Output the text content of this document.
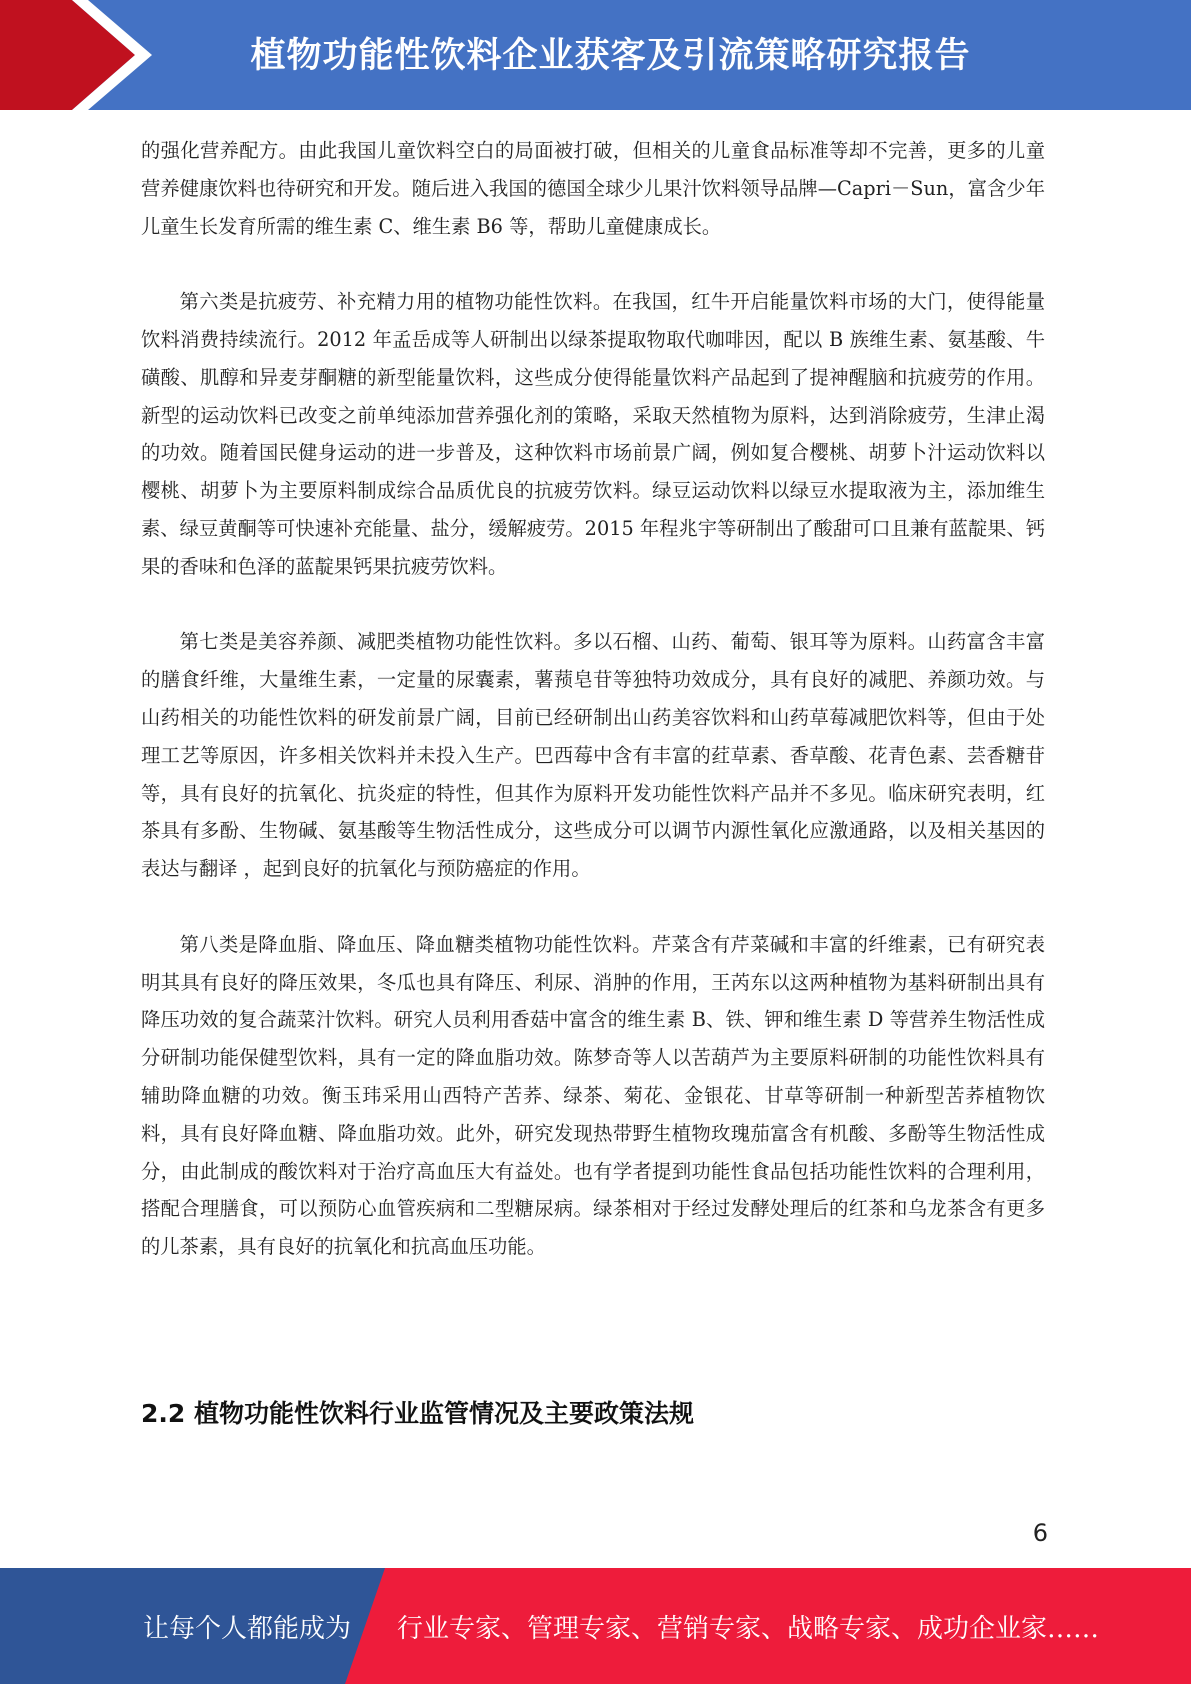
植物功能性饮料企业获客及引流策略研究报告

的强化营养配方。由此我国儿童饮料空白的局面被打破，但相关的儿童食品标准等却不完善，更多的儿童营养健康饮料也待研究和开发。随后进入我国的德国全球少儿果汁饮料领导品牌—Capri－Sun，富含少年儿童生长发育所需的维生素 C、维生素 B6 等，帮助儿童健康成长。

第六类是抗疲劳、补充精力用的植物功能性饮料。在我国，红牛开启能量饮料市场的大门，使得能量饮料消费持续流行。2012 年孟岳成等人研制出以绿茶提取物取代咖啡因，配以 B 族维生素、氨基酸、牛磺酸、肌醇和异麦芽酮糖的新型能量饮料，这些成分使得能量饮料产品起到了提神醒脑和抗疲劳的作用。新型的运动饮料已改变之前单纯添加营养强化剂的策略，采取天然植物为原料，达到消除疲劳，生津止渴的功效。随着国民健身运动的进一步普及，这种饮料市场前景广阔，例如复合樱桃、胡萝卜汁运动饮料以樱桃、胡萝卜为主要原料制成综合品质优良的抗疲劳饮料。绿豆运动饮料以绿豆水提取液为主，添加维生素、绿豆黄酮等可快速补充能量、盐分，缓解疲劳。2015 年程兆宇等研制出了酸甜可口且兼有蓝靛果、钙果的香味和色泽的蓝靛果钙果抗疲劳饮料。

第七类是美容养颜、减肥类植物功能性饮料。多以石榴、山药、葡萄、银耳等为原料。山药富含丰富的膳食纤维，大量维生素，一定量的尿囊素，薯蓣皂苷等独特功效成分，具有良好的减肥、养颜功效。与山药相关的功能性饮料的研发前景广阔，目前已经研制出山药美容饮料和山药草莓减肥饮料等，但由于处理工艺等原因，许多相关饮料并未投入生产。巴西莓中含有丰富的荭草素、香草酸、花青色素、芸香糖苷等，具有良好的抗氧化、抗炎症的特性，但其作为原料开发功能性饮料产品并不多见。临床研究表明，红茶具有多酚、生物碱、氨基酸等生物活性成分，这些成分可以调节内源性氧化应激通路，以及相关基因的表达与翻译 ，起到良好的抗氧化与预防癌症的作用。

第八类是降血脂、降血压、降血糖类植物功能性饮料。芹菜含有芹菜碱和丰富的纤维素，已有研究表明其具有良好的降压效果，冬瓜也具有降压、利尿、消肿的作用，王芮东以这两种植物为基料研制出具有降压功效的复合蔬菜汁饮料。研究人员利用香菇中富含的维生素 B、铁、钾和维生素 D 等营养生物活性成分研制功能保健型饮料，具有一定的降血脂功效。陈梦奇等人以苦葫芦为主要原料研制的功能性饮料具有辅助降血糖的功效。衡玉玮采用山西特产苦荞、绿茶、菊花、金银花、甘草等研制一种新型苦荞植物饮料，具有良好降血糖、降血脂功效。此外，研究发现热带野生植物玫瑰茄富含有机酸、多酚等生物活性成分，由此制成的酸饮料对于治疗高血压大有益处。也有学者提到功能性食品包括功能性饮料的合理利用，搭配合理膳食，可以预防心血管疾病和二型糖尿病。绿茶相对于经过发酵处理后的红茶和乌龙茶含有更多的儿茶素，具有良好的抗氧化和抗高血压功能。

2.2 植物功能性饮料行业监管情况及主要政策法规
6
让每个人都能成为 行业专家、管理专家、营销专家、战略专家、成功企业家……
